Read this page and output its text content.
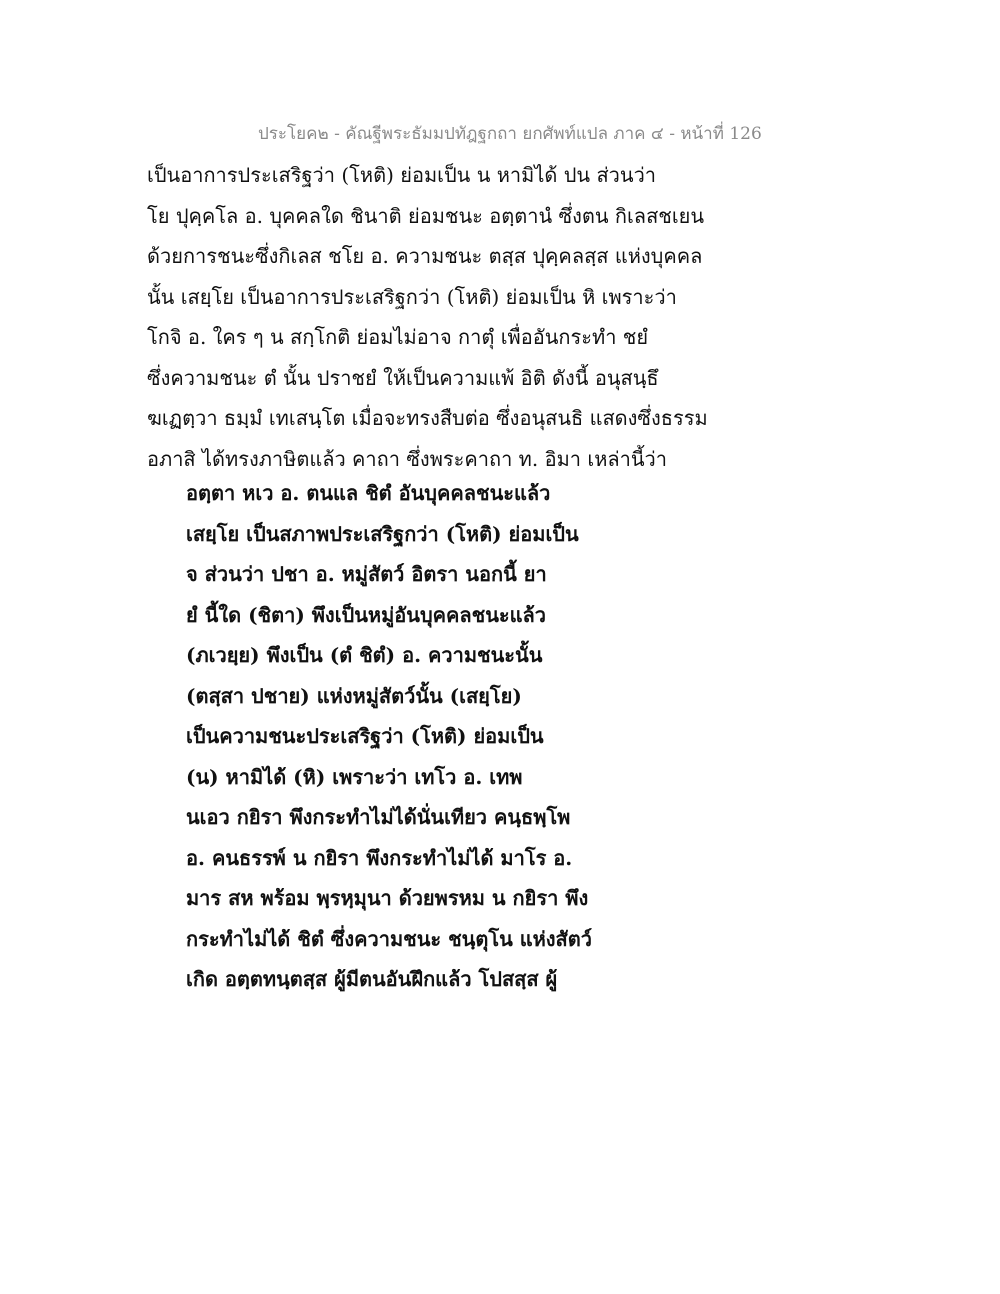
ประโยค๒ - คัณฐีพระธัมมปทัฎฐกถา ยกศัพท์แปล ภาค ๔ - หน้าที่ 126
เป็นอาการประเสริฐว่า (โหติ) ย่อมเป็น น หามิได้ ปน ส่วนว่า
โย ปุคฺคโล อ. บุคคลใด ชินาติ ย่อมชนะ อตฺตานํ ซึ่งตน กิเลสชเยน
ด้วยการชนะซึ่งกิเลส ชโย อ. ความชนะ ตสฺส ปุคฺคลสฺส แห่งบุคคล
นั้น เสยฺโย เป็นอาการประเสริฐกว่า (โหติ) ย่อมเป็น หิ เพราะว่า
โกจิ อ. ใคร ๆ น สกฺโกติ ย่อมไม่อาจ กาตุํ เพื่ออันกระทำ ชยํ
ซึ่งความชนะ ตํ นั้น ปราชยํ ให้เป็นความแพ้ อิติ ดังนี้ อนุสนฺธึ
ฆเฏตฺวา ธมฺมํ เทเสนฺโต เมื่อจะทรงสืบต่อ ซึ่งอนุสนธิ แสดงซึ่งธรรม
อภาสิ ได้ทรงภาษิตแล้ว คาถา ซึ่งพระคาถา ท. อิมา เหล่านี้ว่า
อตฺตา หเว อ. ตนแล ชิตํ อันบุคคลชนะแล้ว
เสยฺโย เป็นสภาพประเสริฐกว่า (โหติ) ย่อมเป็น
จ ส่วนว่า ปชา อ. หมู่สัตว์ อิตรา นอกนี้ ยา
ยํ นี้ใด (ชิตา) พึงเป็นหมู่อันบุคคลชนะแล้ว
(ภเวยฺย) พึงเป็น (ตํ ชิตํ) อ. ความชนะนั้น
(ตสฺสา ปชาย) แห่งหมู่สัตว์นั้น (เสยฺโย)
เป็นความชนะประเสริฐว่า (โหติ) ย่อมเป็น
(น) หามิได้ (หิ) เพราะว่า เทโว อ. เทพ
นเอว กยิรา พึงกระทำไม่ได้นั่นเทียว คนฺธพฺโพ
อ. คนธรรพ์ น กยิรา พึงกระทำไม่ได้ มาโร อ.
มาร สห พร้อม พฺรหฺมุนา ด้วยพรหม น กยิรา พึง
กระทำไม่ได้ ชิตํ ซึ่งความชนะ ชนฺตุโน แห่งสัตว์
เกิด อตฺตทนฺตสฺส ผู้มีตนอันฝึกแล้ว โปสสฺส ผู้
